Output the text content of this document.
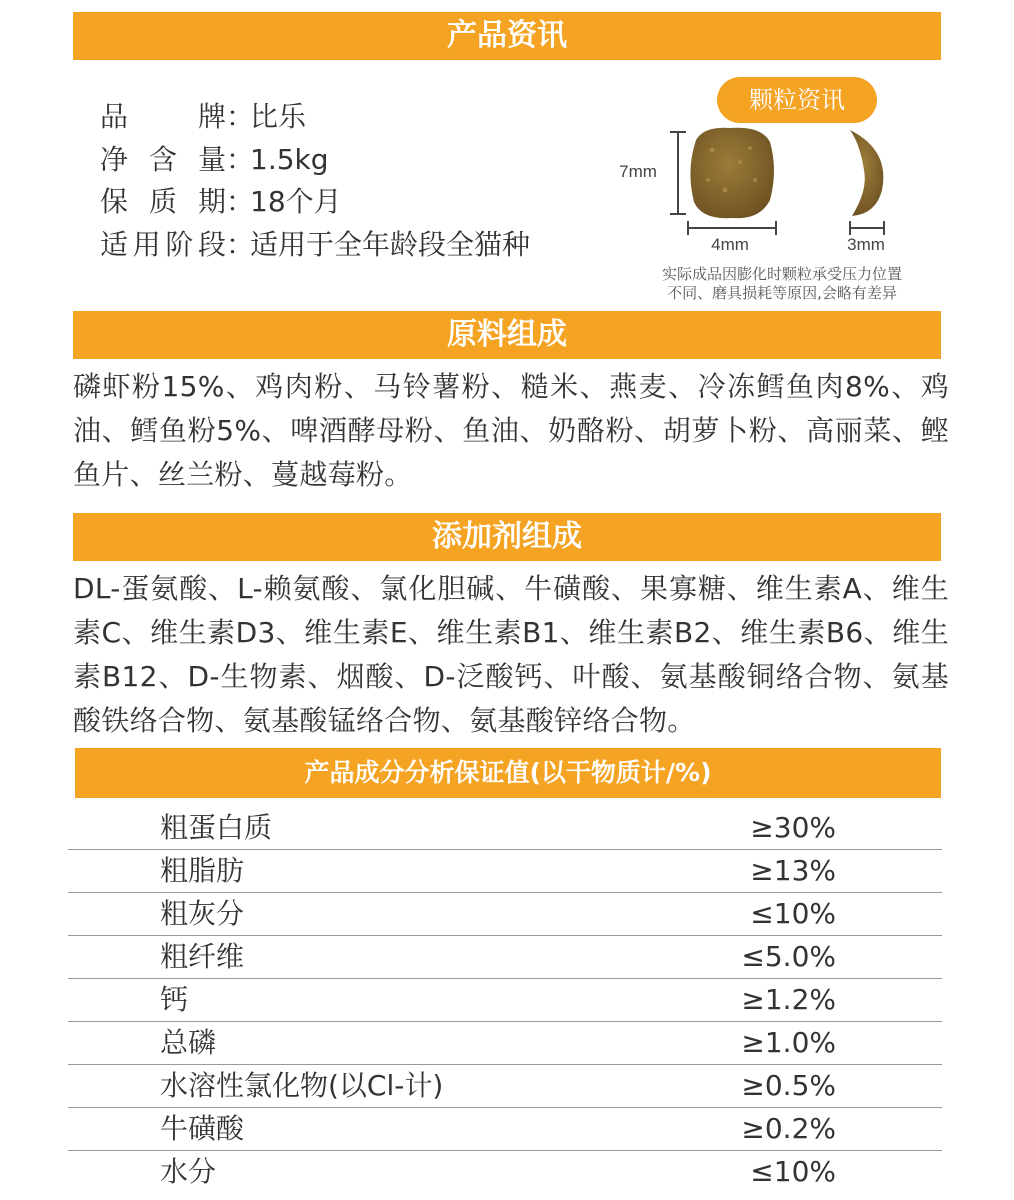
产品资讯
品牌：比乐
净含量：1.5kg
保质期：18个月
适用阶段：适用于全年龄段全猫种
颗粒资讯
7mm
4mm	3mm
实际成品因膨化时颗粒承受压力位置
不同、磨具损耗等原因,会略有差异
原料组成
磷虾粉15%、鸡肉粉、马铃薯粉、糙米、燕麦、冷冻鳕鱼肉8%、鸡油、鳕鱼粉5%、啤酒酵母粉、鱼油、奶酪粉、胡萝卜粉、高丽菜、鲣鱼片、丝兰粉、蔓越莓粉。
添加剂组成
DL-蛋氨酸、L-赖氨酸、氯化胆碱、牛磺酸、果寡糖、维生素A、维生素C、维生素D3、维生素E、维生素B1、维生素B2、维生素B6、维生素B12、D-生物素、烟酸、D-泛酸钙、叶酸、氨基酸铜络合物、氨基酸铁络合物、氨基酸锰络合物、氨基酸锌络合物。
产品成分分析保证值(以干物质计/%)
粗蛋白质	≥30%
粗脂肪	≥13%
粗灰分	≤10%
粗纤维	≤5.0%
钙	≥1.2%
总磷	≥1.0%
水溶性氯化物(以Cl-计)	≥0.5%
牛磺酸	≥0.2%
水分	≤10%
